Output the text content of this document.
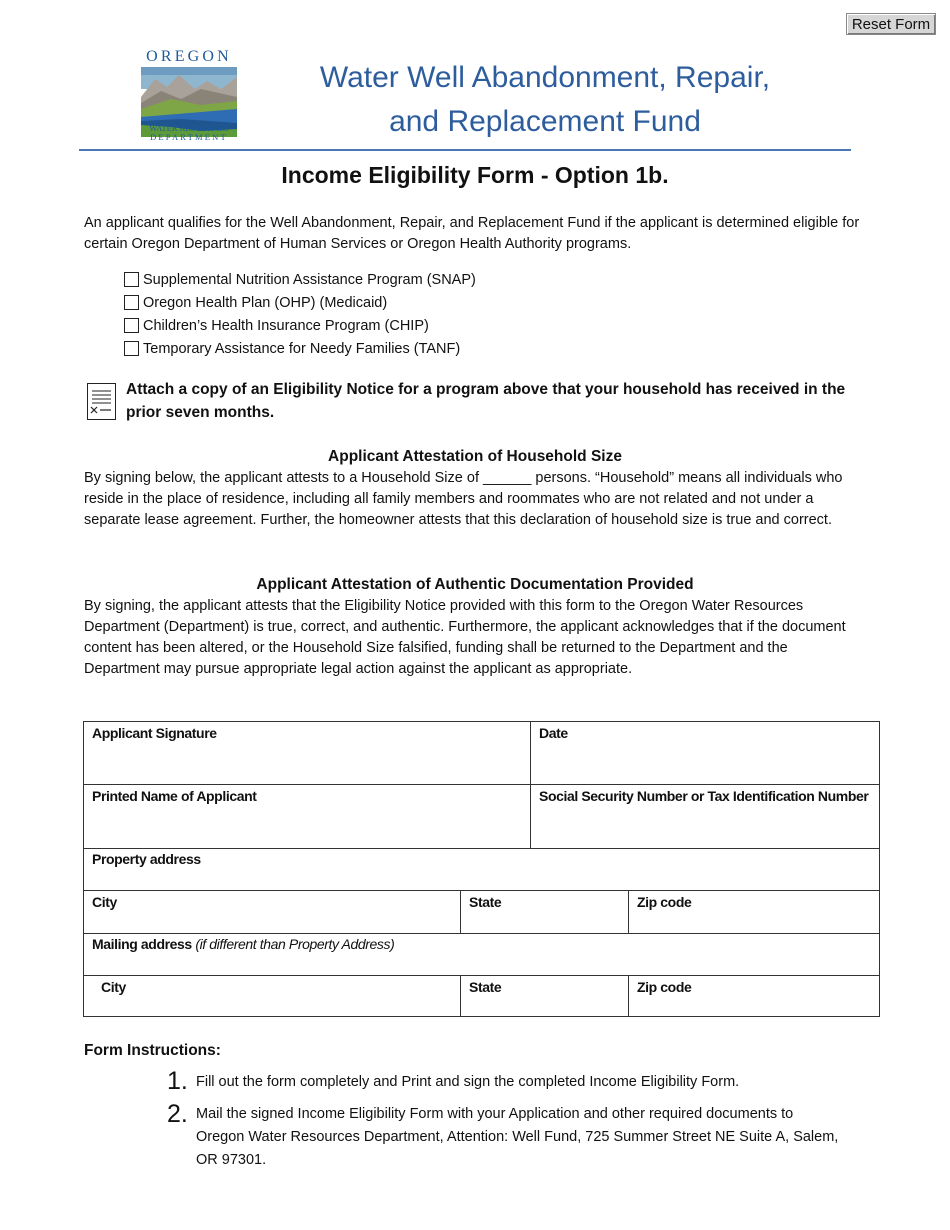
Reset Form
OREGON
WATER RESOURCES
DEPARTMENT
Water Well Abandonment, Repair,
and Replacement Fund
Income Eligibility Form - Option 1b.
An applicant qualifies for the Well Abandonment, Repair, and Replacement Fund if the applicant is determined eligible for certain Oregon Department of Human Services or Oregon Health Authority programs.
Supplemental Nutrition Assistance Program (SNAP)
Oregon Health Plan (OHP) (Medicaid)
Children’s Health Insurance Program (CHIP)
Temporary Assistance for Needy Families (TANF)
Attach a copy of an Eligibility Notice for a program above that your household has received in the prior seven months.
Applicant Attestation of Household Size
By signing below, the applicant attests to a Household Size of ______ persons. “Household” means all individuals who reside in the place of residence, including all family members and roommates who are not related and not under a separate lease agreement. Further, the homeowner attests that this declaration of household size is true and correct.
Applicant Attestation of Authentic Documentation Provided
By signing, the applicant attests that the Eligibility Notice provided with this form to the Oregon Water Resources Department (Department) is true, correct, and authentic. Furthermore, the applicant acknowledges that if the document content has been altered, or the Household Size falsified, funding shall be returned to the Department and the Department may pursue appropriate legal action against the applicant as appropriate.
Applicant Signature	Date
Printed Name of Applicant	Social Security Number or Tax Identification Number
Property address
City	State	Zip code
Mailing address (if different than Property Address)
City	State	Zip code
Form Instructions:
1. Fill out the form completely and Print and sign the completed Income Eligibility Form.
2. Mail the signed Income Eligibility Form with your Application and other required documents to Oregon Water Resources Department, Attention: Well Fund, 725 Summer Street NE Suite A, Salem, OR 97301.
